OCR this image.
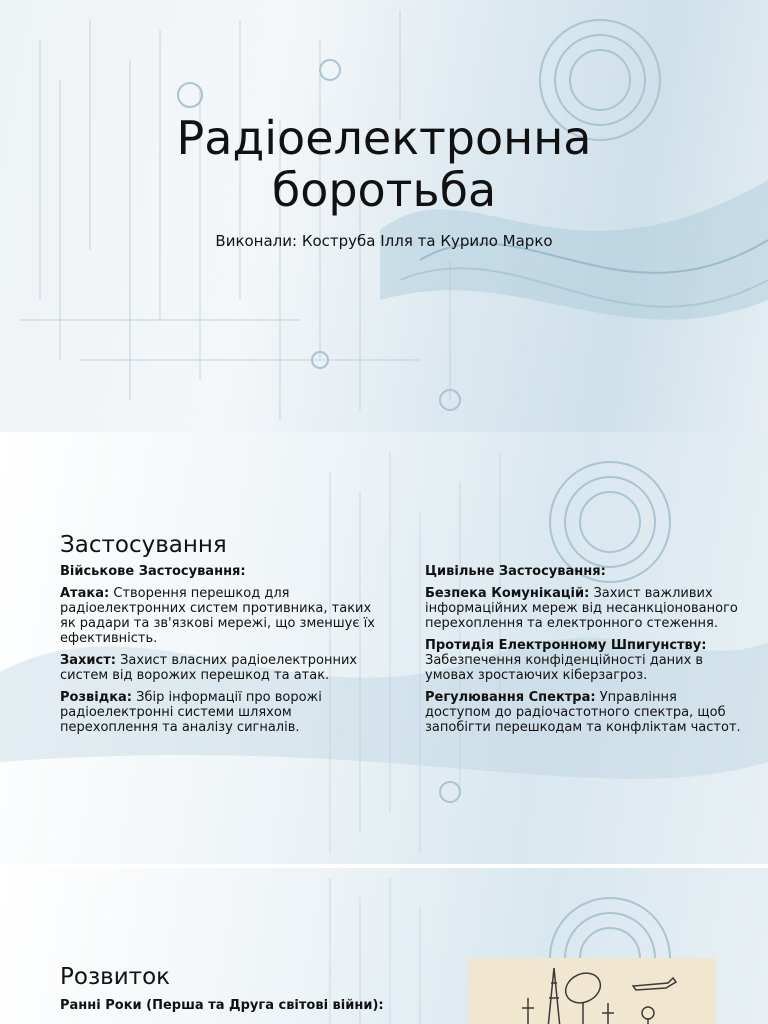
Радіоелектронна
боротьба
Виконали: Коструба Ілля та Курило Марко
Застосування

Військове Застосування:

Атака: Створення перешкод для радіоелектронних систем противника, таких як радари та зв'язкові мережі, що зменшує їх ефективність.

Захист: Захист власних радіоелектронних систем від ворожих перешкод та атак.

Розвідка: Збір інформації про ворожі радіоелектронні системи шляхом перехоплення та аналізу сигналів.

Цивільне Застосування:

Безпека Комунікацій: Захист важливих інформаційних мереж від несанкціонованого перехоплення та електронного стеження.

Протидія Електронному Шпигунству: Забезпечення конфіденційності даних в умовах зростаючих кіберзагроз.

Регулювання Спектра: Управління доступом до радіочастотного спектра, щоб запобігти перешкодам та конфліктам частот.

Розвиток
Ранні Роки (Перша та Друга світові війни):
